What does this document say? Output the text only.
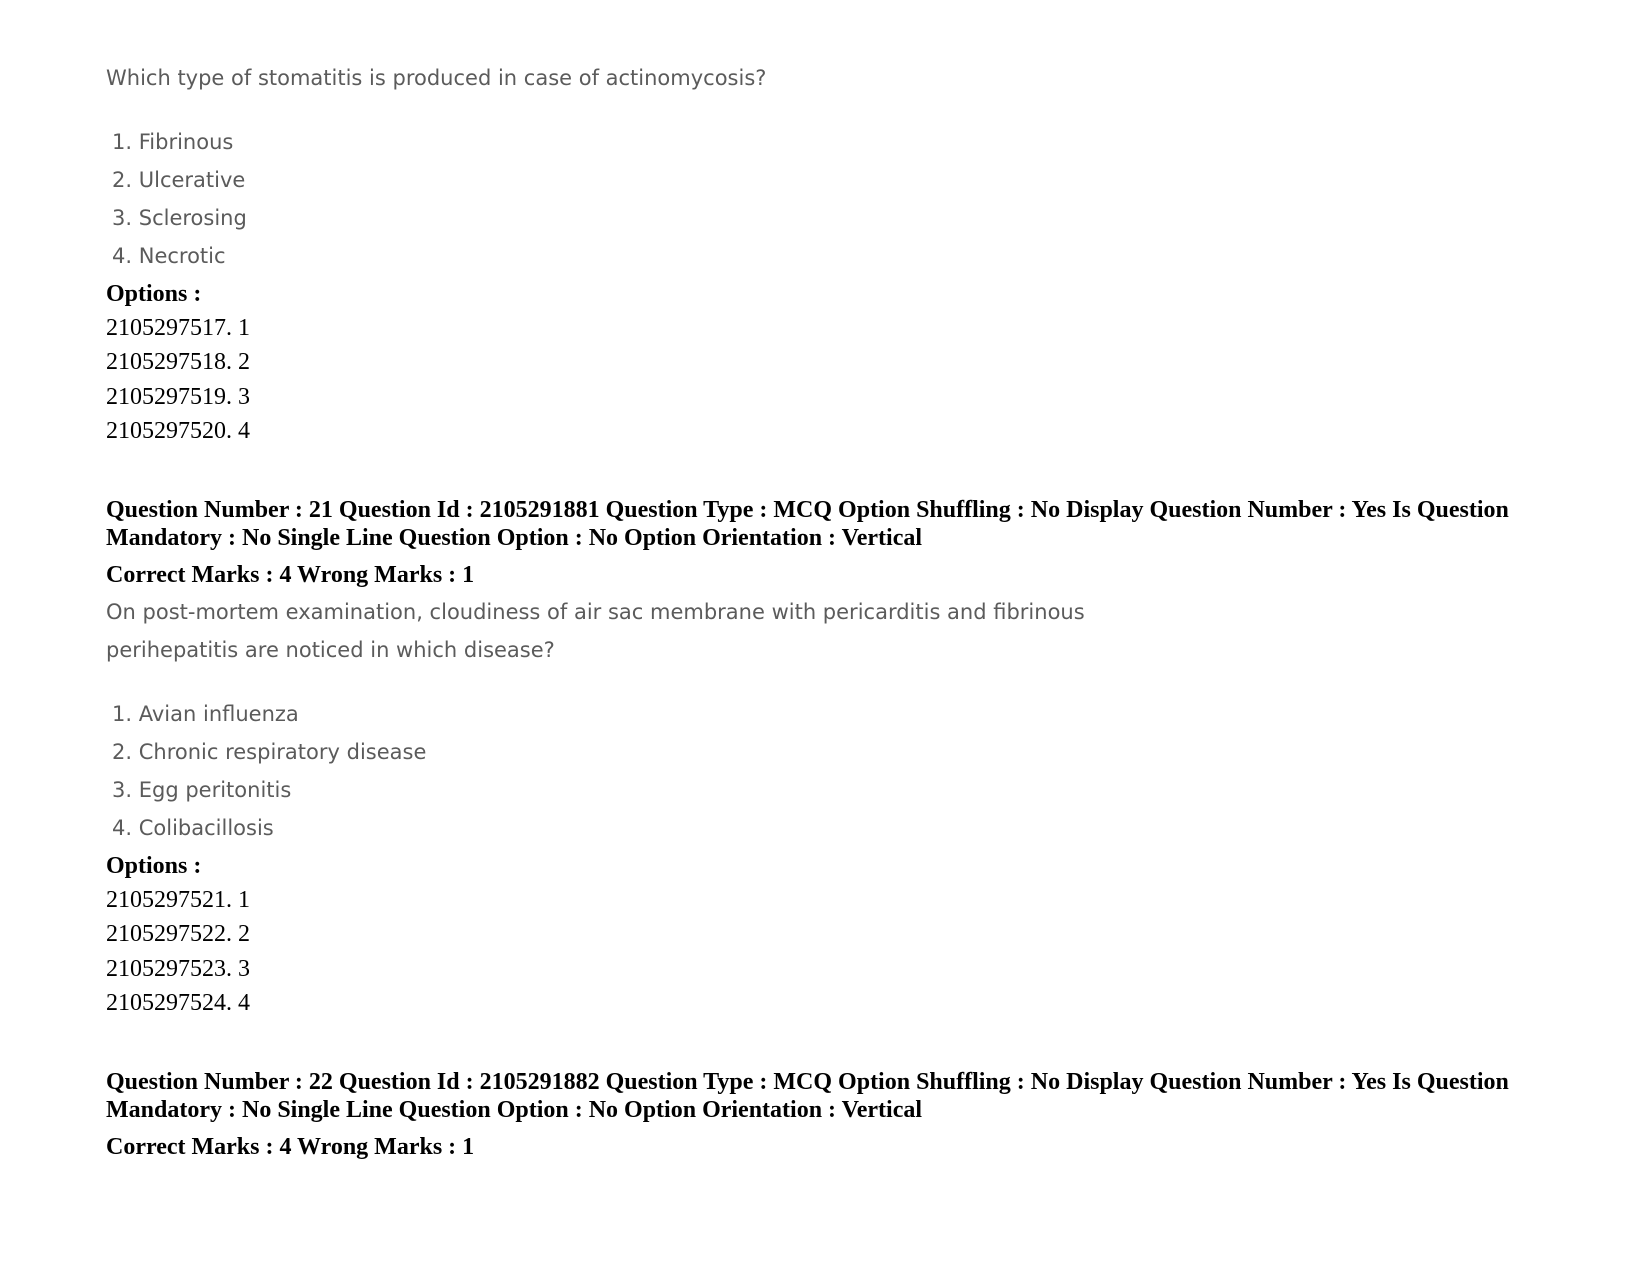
Which type of stomatitis is produced in case of actinomycosis?
1. Fibrinous
2. Ulcerative
3. Sclerosing
4. Necrotic
Options :
2105297517. 1
2105297518. 2
2105297519. 3
2105297520. 4
Question Number : 21 Question Id : 2105291881 Question Type : MCQ Option Shuffling : No Display Question Number : Yes Is Question Mandatory : No Single Line Question Option : No Option Orientation : Vertical
Correct Marks : 4 Wrong Marks : 1
On post-mortem examination, cloudiness of air sac membrane with pericarditis and fibrinous
perihepatitis are noticed in which disease?
1. Avian influenza
2. Chronic respiratory disease
3. Egg peritonitis
4. Colibacillosis
Options :
2105297521. 1
2105297522. 2
2105297523. 3
2105297524. 4
Question Number : 22 Question Id : 2105291882 Question Type : MCQ Option Shuffling : No Display Question Number : Yes Is Question Mandatory : No Single Line Question Option : No Option Orientation : Vertical
Correct Marks : 4 Wrong Marks : 1
